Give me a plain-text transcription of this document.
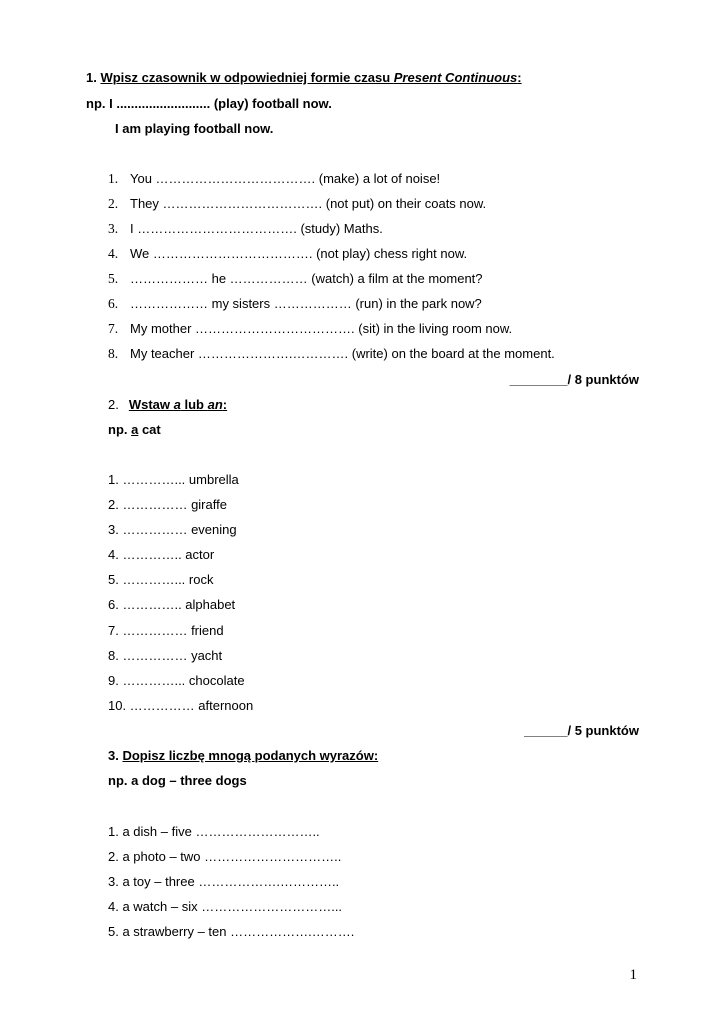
1. Wpisz czasownik w odpowiedniej formie czasu Present Continuous:
np. I .......................... (play) football now.
I am playing football now.
1. You ………………………………. (make) a lot of noise!
2. They ………………………………. (not put) on their coats now.
3. I ………………………………. (study) Maths.
4. We ………………………………. (not play) chess right now.
5. ……………… he ……………… (watch) a film at the moment?
6. ……………… my sisters ……………… (run) in the park now?
7. My mother ………………………………. (sit) in the living room now.
8. My teacher ………………….…………. (write) on the board at the moment.
________/ 8 punktów
2. Wstaw a lub an:
np. a cat
1. …………... umbrella
2. …………… giraffe
3. …………… evening
4. ………….. actor
5. …………... rock
6. ………….. alphabet
7. …………… friend
8. …………… yacht
9. …………... chocolate
10. …………… afternoon
______/ 5 punktów
3. Dopisz liczbę mnogą podanych wyrazów:
np. a dog – three dogs
1. a dish – five ………………………..
2. a photo – two …………………………..
3. a toy – three ……………….…………..
4. a watch – six …………………………...
5. a strawberry – ten ……………….……….
1
